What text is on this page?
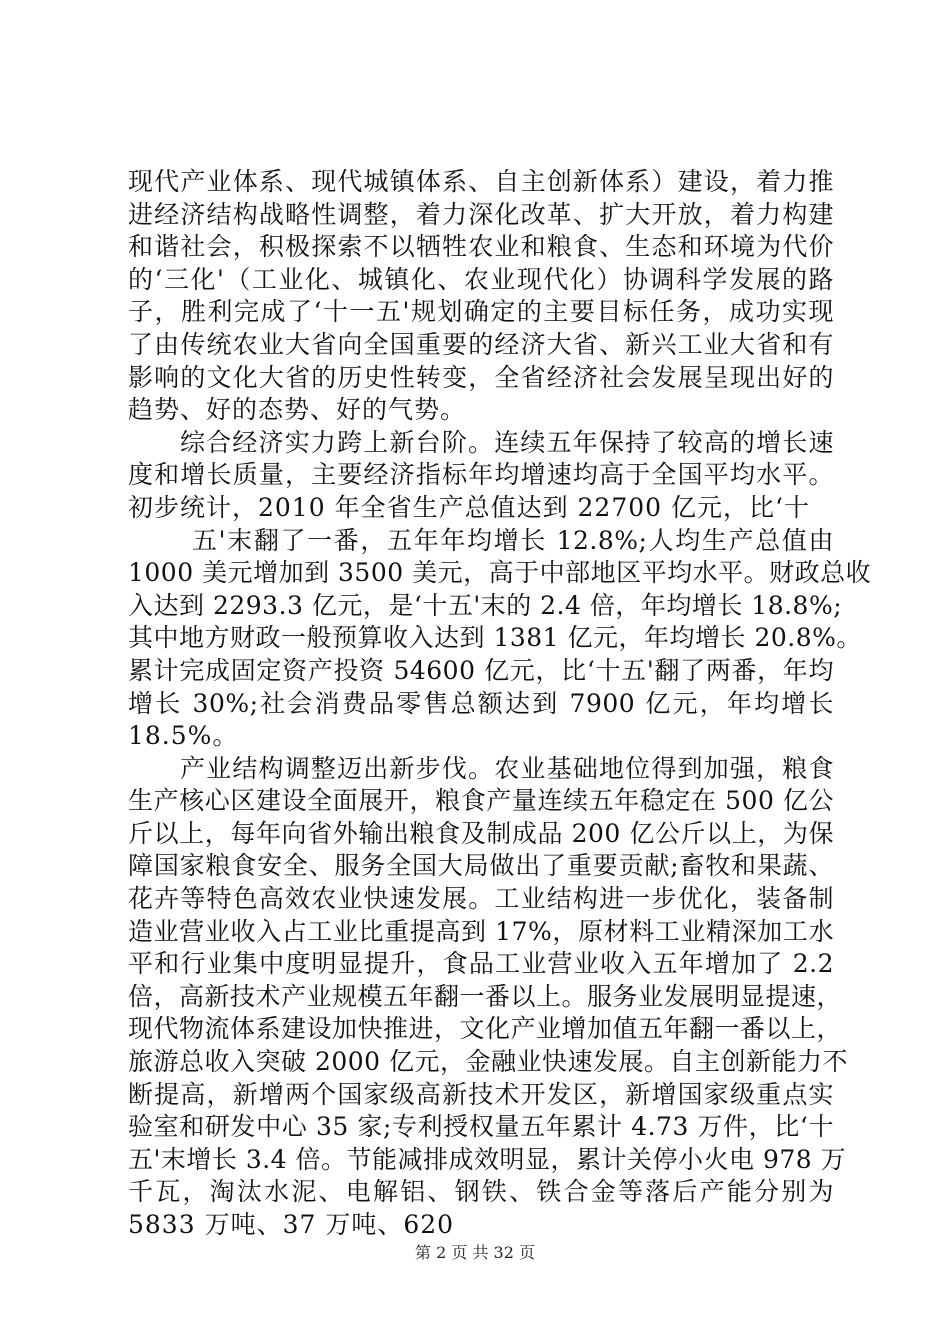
现代产业体系、现代城镇体系、自主创新体系）建设，着力推
进经济结构战略性调整，着力深化改革、扩大开放，着力构建
和谐社会，积极探索不以牺牲农业和粮食、生态和环境为代价
的‘三化'（工业化、城镇化、农业现代化）协调科学发展的路
子，胜利完成了‘十一五'规划确定的主要目标任务，成功实现
了由传统农业大省向全国重要的经济大省、新兴工业大省和有
影响的文化大省的历史性转变，全省经济社会发展呈现出好的
趋势、好的态势、好的气势。
综合经济实力跨上新台阶。连续五年保持了较高的增长速
度和增长质量，主要经济指标年均增速均高于全国平均水平。
初步统计，2010 年全省生产总值达到 22700 亿元，比‘十
五'末翻了一番，五年年均增长 12.8%;人均生产总值由
1000 美元增加到 3500 美元，高于中部地区平均水平。财政总收
入达到 2293.3 亿元，是‘十五'末的 2.4 倍，年均增长 18.8%;
其中地方财政一般预算收入达到 1381 亿元，年均增长 20.8%。
累计完成固定资产投资 54600 亿元，比‘十五'翻了两番，年均
增长 30%;社会消费品零售总额达到 7900 亿元，年均增长
18.5%。
产业结构调整迈出新步伐。农业基础地位得到加强，粮食
生产核心区建设全面展开，粮食产量连续五年稳定在 500 亿公
斤以上，每年向省外输出粮食及制成品 200 亿公斤以上，为保
障国家粮食安全、服务全国大局做出了重要贡献;畜牧和果蔬、
花卉等特色高效农业快速发展。工业结构进一步优化，装备制
造业营业收入占工业比重提高到 17%，原材料工业精深加工水
平和行业集中度明显提升，食品工业营业收入五年增加了 2.2
倍，高新技术产业规模五年翻一番以上。服务业发展明显提速，
现代物流体系建设加快推进，文化产业增加值五年翻一番以上，
旅游总收入突破 2000 亿元，金融业快速发展。自主创新能力不
断提高，新增两个国家级高新技术开发区，新增国家级重点实
验室和研发中心 35 家;专利授权量五年累计 4.73 万件，比‘十
五'末增长 3.4 倍。节能减排成效明显，累计关停小火电 978 万
千瓦，淘汰水泥、电解铝、钢铁、铁合金等落后产能分别为
5833 万吨、37 万吨、620
第 2 页 共 32 页
